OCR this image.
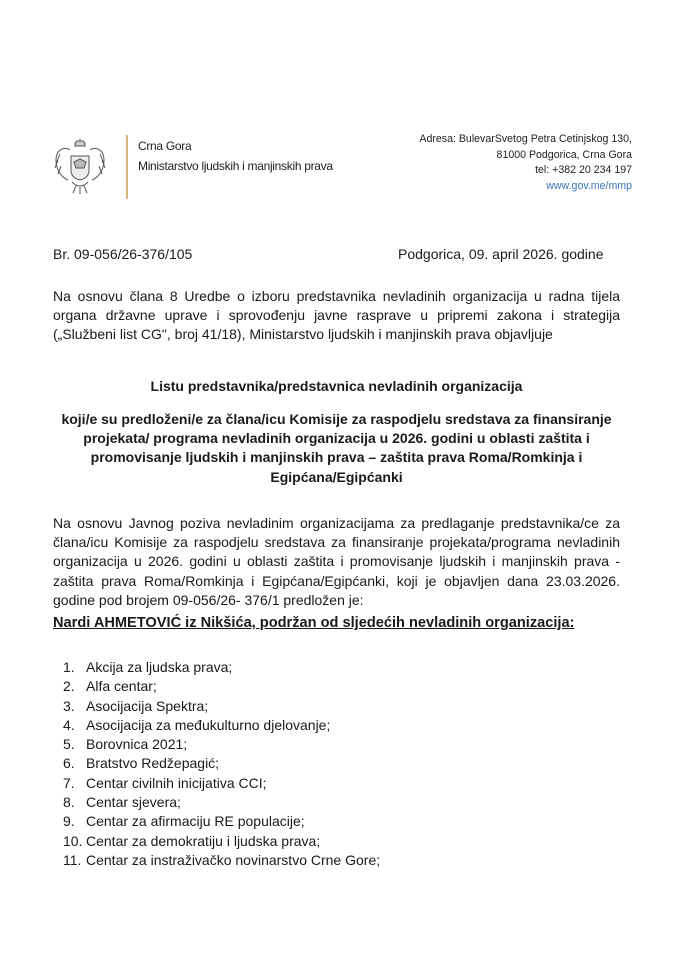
Crna Gora
Ministarstvo ljudskih i manjinskih prava
Adresa: BulevarSvetog Petra Cetinjskog 130,
81000 Podgorica, Crna Gora
tel: +382 20 234 197
www.gov.me/mmp
Br. 09-056/26-376/105	Podgorica, 09. april 2026. godine
Na osnovu člana 8 Uredbe o izboru predstavnika nevladinih organizacija u radna tijela organa državne uprave i sprovođenju javne rasprave u pripremi zakona i strategija („Službeni list CG", broj 41/18), Ministarstvo ljudskih i manjinskih prava objavljuje
Listu predstavnika/predstavnica nevladinih organizacija
koji/e su predloženi/e za člana/icu Komisije za raspodjelu sredstava za finansiranje projekata/ programa nevladinih organizacija u 2026. godini u oblasti zaštita i promovisanje ljudskih i manjinskih prava – zaštita prava Roma/Romkinja i Egipćana/Egipćanki
Na osnovu Javnog poziva nevladinim organizacijama za predlaganje predstavnika/ce za člana/icu Komisije za raspodjelu sredstava za finansiranje projekata/programa nevladinih organizacija u 2026. godini u oblasti zaštita i promovisanje ljudskih i manjinskih prava - zaštita prava Roma/Romkinja i Egipćana/Egipćanki, koji je objavljen dana 23.03.2026. godine pod brojem 09-056/26- 376/1 predložen je:
Nardi AHMETOVIĆ iz Nikšića, podržan od sljedećih nevladinih organizacija:
1. Akcija za ljudska prava;
2. Alfa centar;
3. Asocijacija Spektra;
4. Asocijacija za međukulturno djelovanje;
5. Borovnica 2021;
6. Bratstvo Redžepagić;
7. Centar civilnih inicijativa CCI;
8. Centar sjevera;
9. Centar za afirmaciju RE populacije;
10. Centar za demokratiju i ljudska prava;
11. Centar za instraživačko novinarstvo Crne Gore;
